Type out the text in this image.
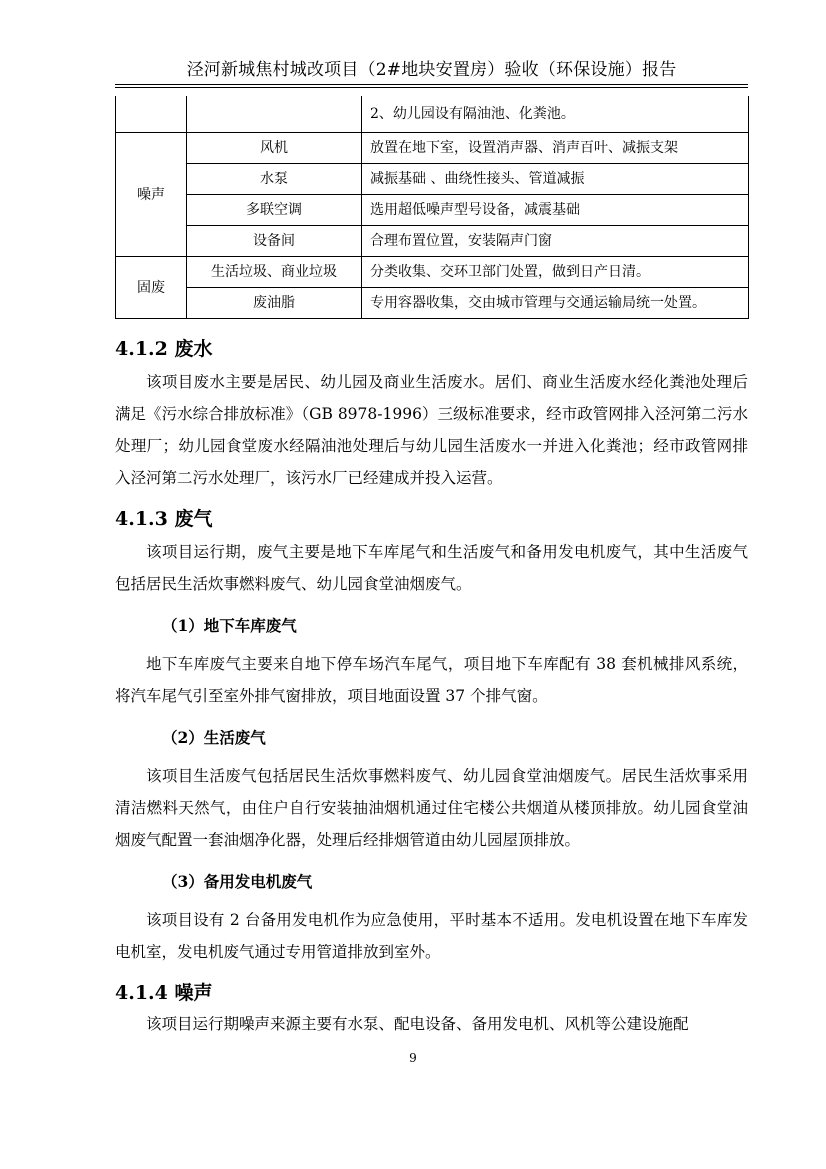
泾河新城焦村城改项目（2#地块安置房）验收（环保设施）报告
		2、幼儿园设有隔油池、化粪池。
噪声	风机	放置在地下室，设置消声器、消声百叶、减振支架
	水泵	减振基础 、曲绕性接头、管道减振
	多联空调	选用超低噪声型号设备，减震基础
	设备间	合理布置位置，安装隔声门窗
固废	生活垃圾、商业垃圾	分类收集、交环卫部门处置，做到日产日清。
	废油脂	专用容器收集，交由城市管理与交通运输局统一处置。
4.1.2 废水

该项目废水主要是居民、幼儿园及商业生活废水。居们、商业生活废水经化粪池处理后满足《污水综合排放标准》（GB 8978-1996）三级标准要求，经市政管网排入泾河第二污水处理厂；幼儿园食堂废水经隔油池处理后与幼儿园生活废水一并进入化粪池；经市政管网排入泾河第二污水处理厂，该污水厂已经建成并投入运营。

4.1.3 废气

该项目运行期，废气主要是地下车库尾气和生活废气和备用发电机废气，其中生活废气包括居民生活炊事燃料废气、幼儿园食堂油烟废气。

（1）地下车库废气

地下车库废气主要来自地下停车场汽车尾气，项目地下车库配有 38 套机械排风系统，将汽车尾气引至室外排气窗排放，项目地面设置 37 个排气窗。

（2）生活废气

该项目生活废气包括居民生活炊事燃料废气、幼儿园食堂油烟废气。居民生活炊事采用清洁燃料天然气，由住户自行安装抽油烟机通过住宅楼公共烟道从楼顶排放。幼儿园食堂油烟废气配置一套油烟净化器，处理后经排烟管道由幼儿园屋顶排放。

（3）备用发电机废气

该项目设有 2 台备用发电机作为应急使用，平时基本不适用。发电机设置在地下车库发电机室，发电机废气通过专用管道排放到室外。

4.1.4 噪声

该项目运行期噪声来源主要有水泵、配电设备、备用发电机、风机等公建设施配

9
